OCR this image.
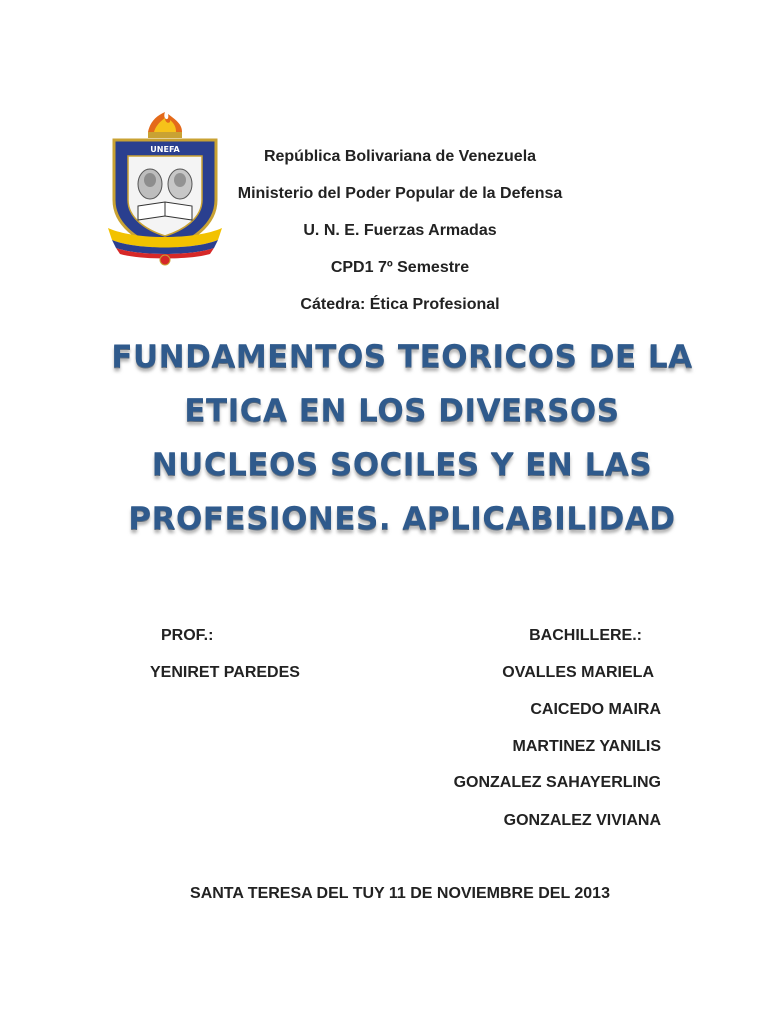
UNEFA	República Bolivariana de Venezuela
Ministerio del Poder Popular de la Defensa
U. N. E. Fuerzas Armadas
CPD1 7º Semestre
Cátedra: Ética Profesional
FUNDAMENTOS TEORICOS DE LA
ETICA EN LOS DIVERSOS
NUCLEOS SOCILES Y EN LAS
PROFESIONES. APLICABILIDAD
PROF.:
YENIRET PAREDES
BACHILLERE.:
OVALLES MARIELA
CAICEDO MAIRA
MARTINEZ YANILIS
GONZALEZ SAHAYERLING
GONZALEZ VIVIANA
SANTA TERESA DEL TUY 11 DE NOVIEMBRE DEL 2013
